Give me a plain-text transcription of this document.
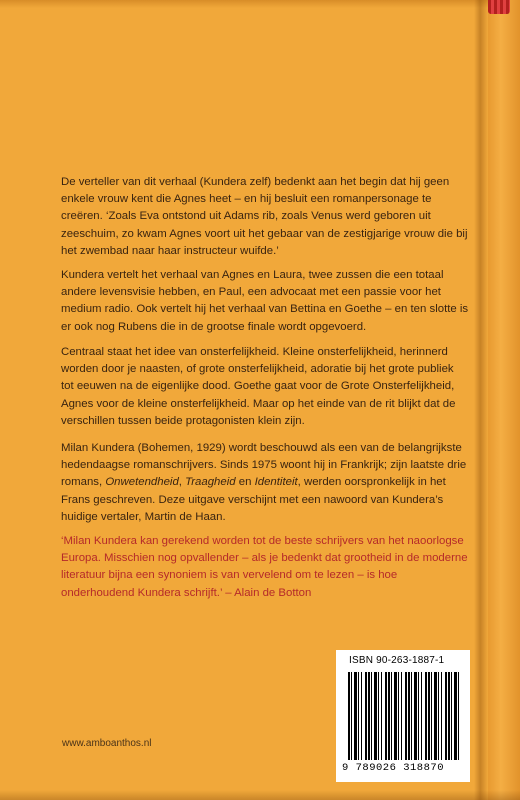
De verteller van dit verhaal (Kundera zelf) bedenkt aan het begin dat hij geen enkele vrouw kent die Agnes heet – en hij besluit een romanpersonage te creëren. ‘Zoals Eva ontstond uit Adams rib, zoals Venus werd geboren uit zeeschuim, zo kwam Agnes voort uit het gebaar van de zestigjarige vrouw die bij het zwembad naar haar instructeur wuifde.’

Kundera vertelt het verhaal van Agnes en Laura, twee zussen die een totaal andere levensvisie hebben, en Paul, een advocaat met een passie voor het medium radio. Ook vertelt hij het verhaal van Bettina en Goethe – en ten slotte is er ook nog Rubens die in de grootse finale wordt opgevoerd.

Centraal staat het idee van onsterfelijkheid. Kleine onsterfelijkheid, herinnerd worden door je naasten, of grote onsterfelijkheid, adoratie bij het grote publiek tot eeuwen na de eigenlijke dood. Goethe gaat voor de Grote Onsterfelijkheid, Agnes voor de kleine onsterfelijkheid. Maar op het einde van de rit blijkt dat de verschillen tussen beide protagonisten klein zijn.

Milan Kundera (Bohemen, 1929) wordt beschouwd als een van de belangrijkste hedendaagse romanschrijvers. Sinds 1975 woont hij in Frankrijk; zijn laatste drie romans, Onwetendheid, Traagheid en Identiteit, werden oorspronkelijk in het Frans geschreven. Deze uitgave verschijnt met een nawoord van Kundera’s huidige vertaler, Martin de Haan.

‘Milan Kundera kan gerekend worden tot de beste schrijvers van het naoorlogse Europa. Misschien nog opvallender – als je bedenkt dat grootheid in de moderne literatuur bijna een synoniem is van vervelend om te lezen – is hoe onderhoudend Kundera schrijft.’ – Alain de Botton

ISBN 90-263-1887-1
9 789026 318870
www.amboanthos.nl
